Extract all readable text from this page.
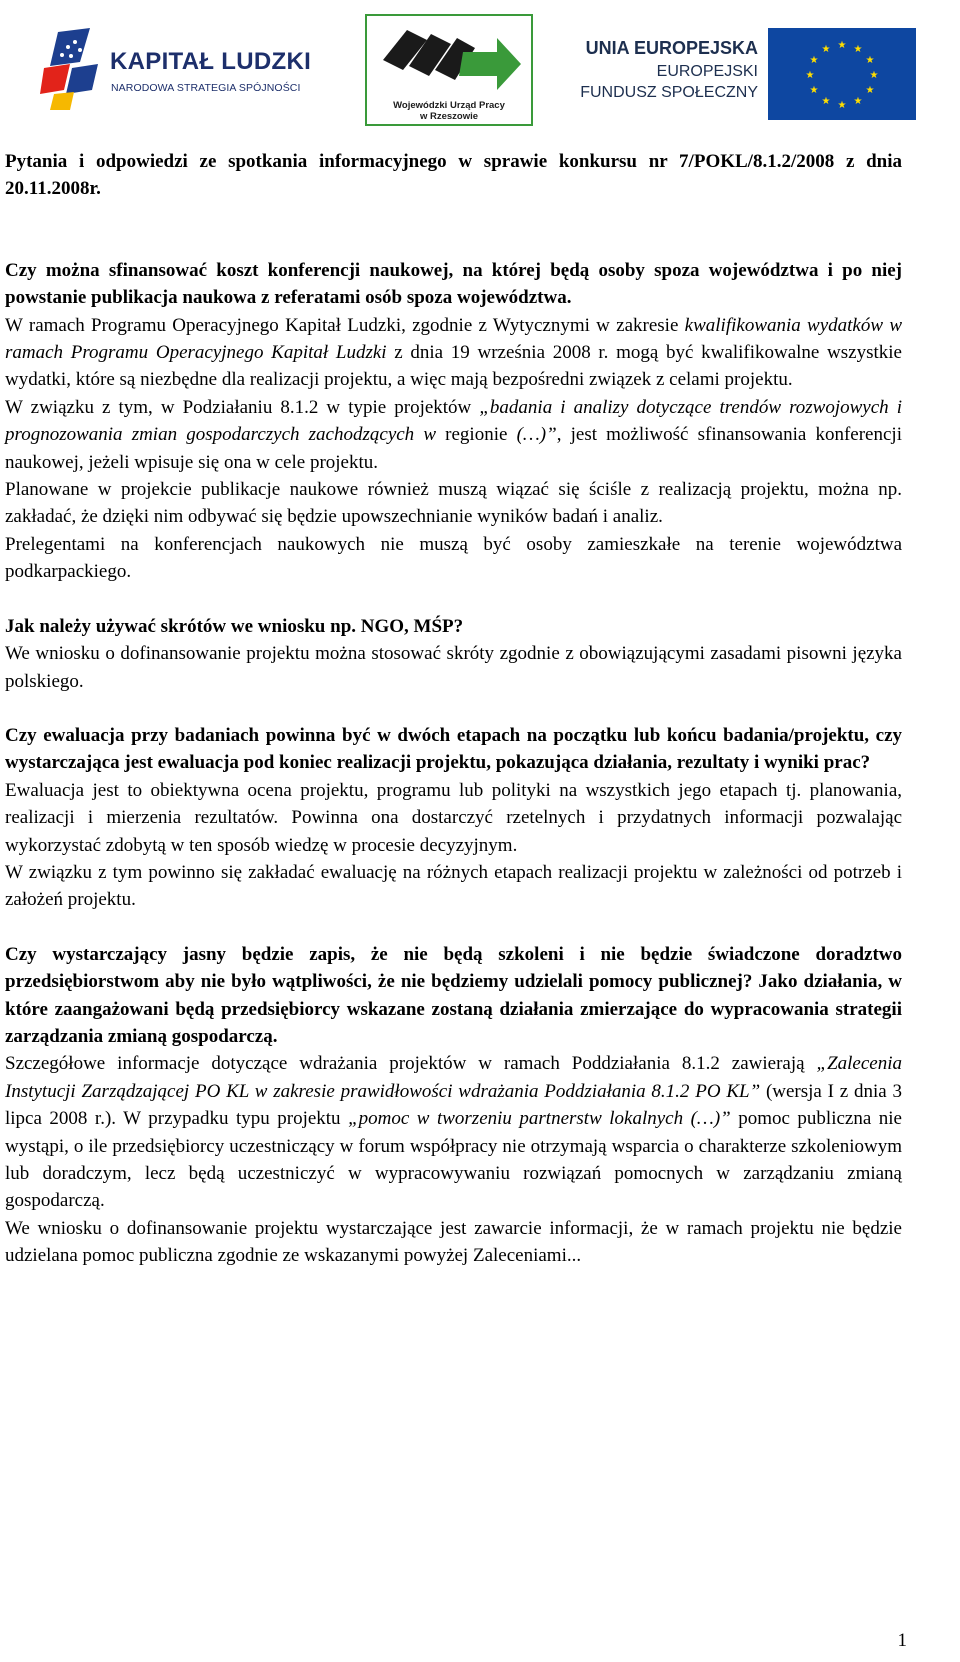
KAPITAŁ LUDZKI
NARODOWA STRATEGIA SPÓJNOŚCI
Wojewódzki Urząd Pracy
w Rzeszowie
UNIA EUROPEJSKA
EUROPEJSKI
FUNDUSZ SPOŁECZNY
★ ★
★
★
★
★
★
★
★
★
★
★

Pytania i odpowiedzi ze spotkania informacyjnego w sprawie konkursu nr 7/POKL/8.1.2/2008 z dnia 20.11.2008r.

Czy można sfinansować koszt konferencji naukowej, na której będą osoby spoza województwa i po niej powstanie publikacja naukowa z referatami osób spoza województwa.

W ramach Programu Operacyjnego Kapitał Ludzki, zgodnie z Wytycznymi w zakresie kwalifikowania wydatków w ramach Programu Operacyjnego Kapitał Ludzki z dnia 19 września 2008 r. mogą być kwalifikowalne wszystkie wydatki, które są niezbędne dla realizacji projektu, a więc mają bezpośredni związek z celami projektu.

W związku z tym, w Podziałaniu 8.1.2 w typie projektów „badania i analizy dotyczące trendów rozwojowych i prognozowania zmian gospodarczych zachodzących w regionie (…)”, jest możliwość sfinansowania konferencji naukowej, jeżeli wpisuje się ona w cele projektu.

Planowane w projekcie publikacje naukowe również muszą wiązać się ściśle z realizacją projektu, można np. zakładać, że dzięki nim odbywać się będzie upowszechnianie wyników badań i analiz.

Prelegentami na konferencjach naukowych nie muszą być osoby zamieszkałe na terenie województwa podkarpackiego.

Jak należy używać skrótów we wniosku np. NGO, MŚP?

We wniosku o dofinansowanie projektu można stosować skróty zgodnie z obowiązującymi zasadami pisowni języka polskiego.

Czy ewaluacja przy badaniach powinna być w dwóch etapach na początku lub końcu badania/projektu, czy wystarczająca jest ewaluacja pod koniec realizacji projektu, pokazująca działania, rezultaty i wyniki prac?

Ewaluacja jest to obiektywna ocena projektu, programu lub polityki na wszystkich jego etapach tj. planowania, realizacji i mierzenia rezultatów. Powinna ona dostarczyć rzetelnych i przydatnych informacji pozwalając wykorzystać zdobytą w ten sposób wiedzę w procesie decyzyjnym.

W związku z tym powinno się zakładać ewaluację na różnych etapach realizacji projektu w zależności od potrzeb i założeń projektu.

Czy wystarczający jasny będzie zapis, że nie będą szkoleni i nie będzie świadczone doradztwo przedsiębiorstwom aby nie było wątpliwości, że nie będziemy udzielali pomocy publicznej? Jako działania, w które zaangażowani będą przedsiębiorcy wskazane zostaną działania zmierzające do wypracowania strategii zarządzania zmianą gospodarczą.

Szczegółowe informacje dotyczące wdrażania projektów w ramach Poddziałania 8.1.2 zawierają „Zalecenia Instytucji Zarządzającej PO KL w zakresie prawidłowości wdrażania Poddziałania 8.1.2 PO KL” (wersja I z dnia 3 lipca 2008 r.). W przypadku typu projektu „pomoc w tworzeniu partnerstw lokalnych (…)” pomoc publiczna nie wystąpi, o ile przedsiębiorcy uczestniczący w forum współpracy nie otrzymają wsparcia o charakterze szkoleniowym lub doradczym, lecz będą uczestniczyć w wypracowywaniu rozwiązań pomocnych w zarządzaniu zmianą gospodarczą.

We wniosku o dofinansowanie projektu wystarczające jest zawarcie informacji, że w ramach projektu nie będzie udzielana pomoc publiczna zgodnie ze wskazanymi powyżej Zaleceniami...

1
